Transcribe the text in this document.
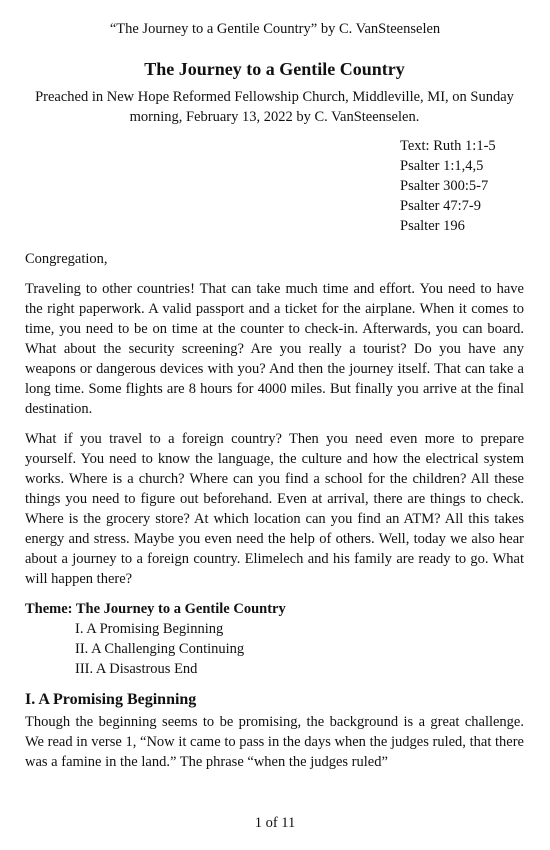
“The Journey to a Gentile Country” by C. VanSteenselen
The Journey to a Gentile Country

Preached in New Hope Reformed Fellowship Church, Middleville, MI, on Sunday morning, February 13, 2022 by C. VanSteenselen.

Text: Ruth 1:1-5
Psalter 1:1,4,5
Psalter 300:5-7
Psalter 47:7-9
Psalter 196

Congregation,

Traveling to other countries! That can take much time and effort. You need to have the right paperwork. A valid passport and a ticket for the airplane. When it comes to time, you need to be on time at the counter to check-in. Afterwards, you can board. What about the security screening? Are you really a tourist? Do you have any weapons or dangerous devices with you? And then the journey itself. That can take a long time. Some flights are 8 hours for 4000 miles. But finally you arrive at the final destination.

What if you travel to a foreign country? Then you need even more to prepare yourself. You need to know the language, the culture and how the electrical system works. Where is a church? Where can you find a school for the children? All these things you need to figure out beforehand. Even at arrival, there are things to check. Where is the grocery store? At which location can you find an ATM? All this takes energy and stress. Maybe you even need the help of others. Well, today we also hear about a journey to a foreign country. Elimelech and his family are ready to go. What will happen there?

Theme: The Journey to a Gentile Country

I. A Promising Beginning
II. A Challenging Continuing
III. A Disastrous End
I. A Promising Beginning

Though the beginning seems to be promising, the background is a great challenge. We read in verse 1, “Now it came to pass in the days when the judges ruled, that there was a famine in the land.” The phrase “when the judges ruled”

1 of 11
